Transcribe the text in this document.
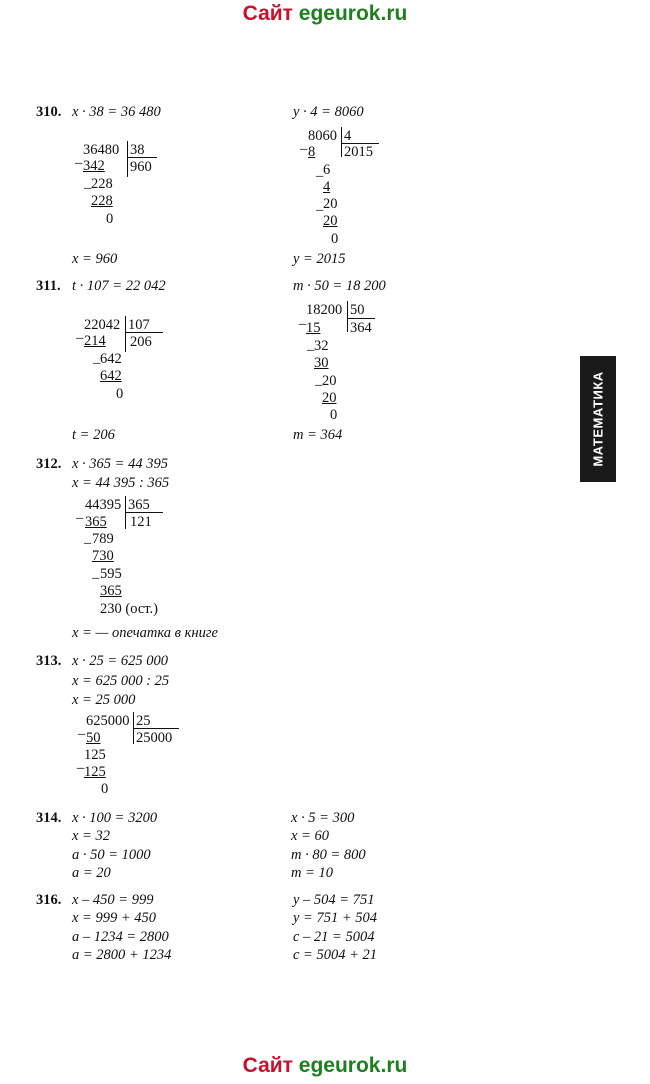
Сайт egeurok.ru
МАТЕМАТИКА
310. x · 38 = 36 480
36480 38
960
_ 342
_ 228
228
0
x = 960
y · 4 = 8060
8060 4
2015
_ 8
_ 6
4
_ 20
20
0
y = 2015
311. t · 107 = 22 042
22042 107
206
_ 214
_ 642
642
0
t = 206
m · 50 = 18 200
18200 50
364
_
15
_ 32
30
_ 20
20
0
m = 364
312. x · 365 = 44 395
x = 44 395 : 365
44395 365
121
_
365
_ 789
730
_ 595
365
230 (ост.)
x = — опечатка в книге
313. x · 25 = 625 000
x = 625 000 : 25
x = 25 000
625000 25
25000
_
50
125
_
125
0
314. x · 100 = 3200
x = 32
a · 50 = 1000
a = 20
x · 5 = 300
x = 60
m · 80 = 800
m = 10
316. x – 450 = 999
x = 999 + 450
a – 1234 = 2800
a = 2800 + 1234
y – 504 = 751
y = 751 + 504
c – 21 = 5004
c = 5004 + 21
Сайт egeurok.ru
